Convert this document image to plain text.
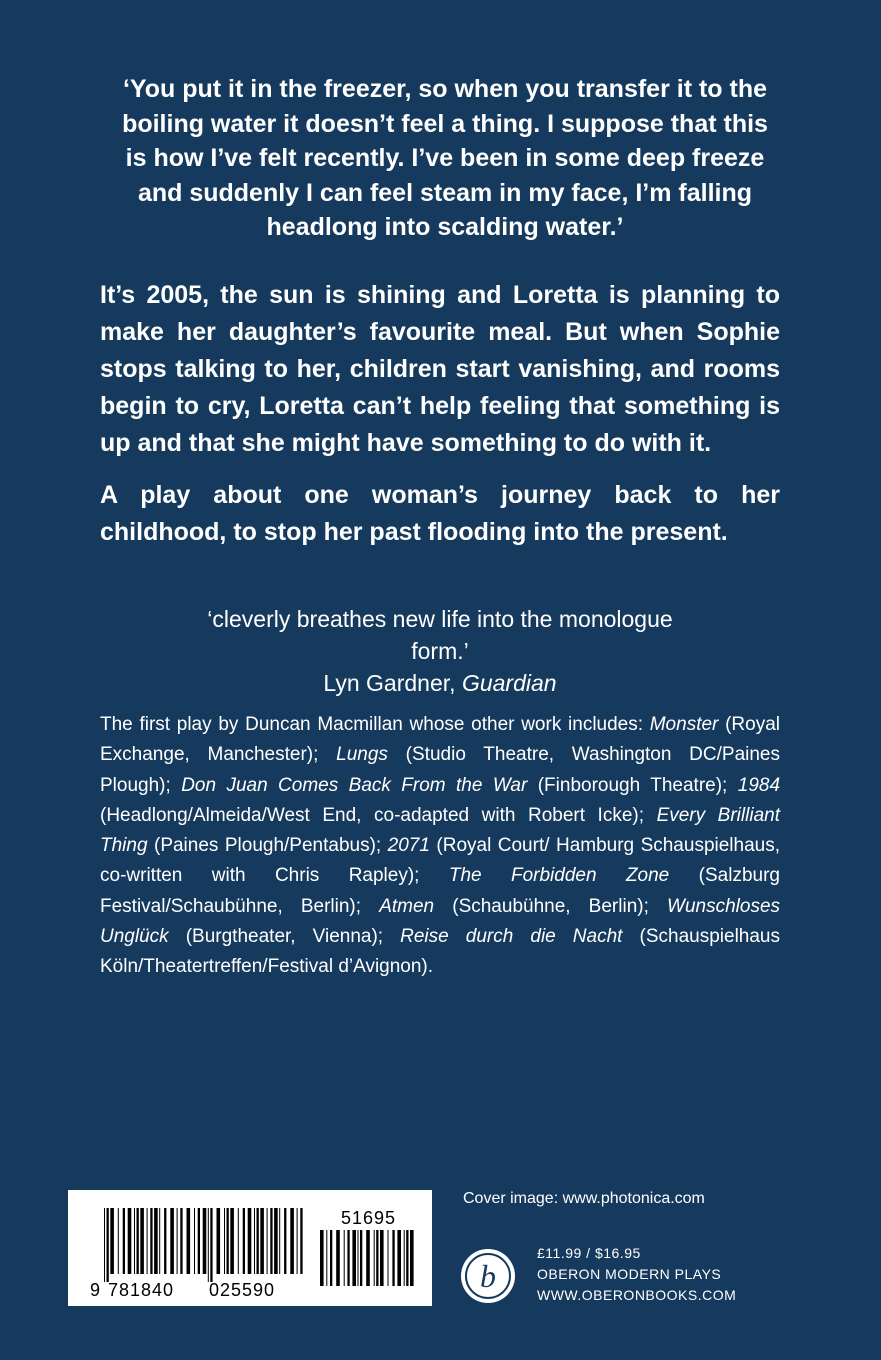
‘You put it in the freezer, so when you transfer it to the
boiling water it doesn’t feel a thing. I suppose that this
is how I’ve felt recently. I’ve been in some deep freeze
and suddenly I can feel steam in my face, I’m falling
headlong into scalding water.’

It’s 2005, the sun is shining and Loretta is planning to make her daughter’s favourite meal. But when Sophie stops talking to her, children start vanishing, and rooms begin to cry, Loretta can’t help feeling that something is up and that she might have something to do with it.

A play about one woman’s journey back to her childhood, to stop her past flooding into the present.

‘cleverly breathes new life into the monologue form.’
Lyn Gardner, Guardian

The first play by Duncan Macmillan whose other work includes: Monster (Royal Exchange, Manchester); Lungs (Studio Theatre, Washington DC/Paines Plough); Don Juan Comes Back From the War (Finborough Theatre); 1984 (Headlong/Almeida/West End, co-adapted with Robert Icke); Every Brilliant Thing (Paines Plough/Pentabus); 2071 (Royal Court/ Hamburg Schauspielhaus, co-written with Chris Rapley); The Forbidden Zone (Salzburg Festival/Schaubühne, Berlin); Atmen (Schaubühne, Berlin); Wunschloses Unglück (Burgtheater, Vienna); Reise durch die Nacht (Schauspielhaus Köln/Theatertreffen/Festival d’Avignon).

9 781840 025590
51695
Cover image: www.photonica.com
b
£11.99 / $16.95
OBERON MODERN PLAYS
WWW.OBERONBOOKS.COM
